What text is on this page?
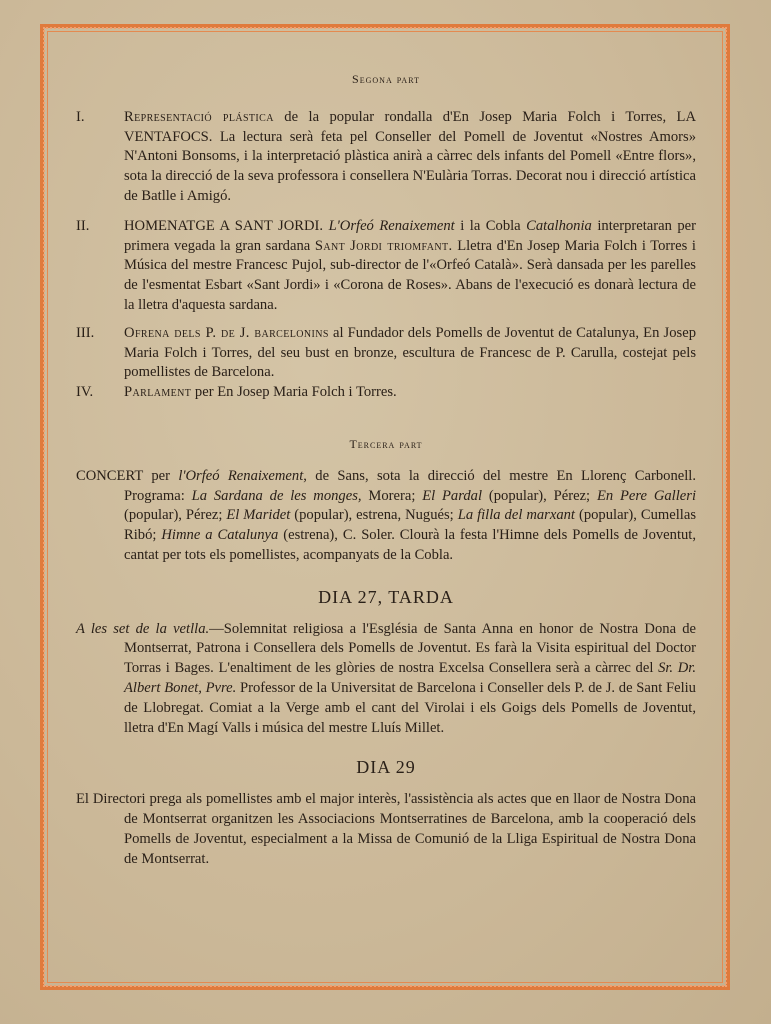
Segona part

I.	Representació plástica de la popular rondalla d'En Josep Maria Folch i Torres, LA VENTAFOCS. La lectura serà feta pel Conseller del Pomell de Joventut «Nostres Amors» N'Antoni Bonsoms, i la interpretació plàstica anirà a càrrec dels infants del Pomell «Entre flors», sota la direcció de la seva professora i consellera N'Eulària Torras. Decorat nou i direcció artística de Batlle i Amigó.
II.	HOMENATGE A SANT JORDI. L'Orfeó Renaixement i la Cobla Catalhonia interpretaran per primera vegada la gran sardana Sant Jordi triomfant. Lletra d'En Josep Maria Folch i Torres i Música del mestre Francesc Pujol, sub-director de l'«Orfeó Català». Serà dansada per les parelles de l'esmentat Esbart «Sant Jordi» i «Corona de Roses». Abans de l'execució es donarà lectura de la lletra d'aquesta sardana.
III.	Ofrena dels P. de J. barcelonins al Fundador dels Pomells de Joventut de Catalunya, En Josep Maria Folch i Torres, del seu bust en bronze, escultura de Francesc de P. Carulla, costejat pels pomellistes de Barcelona.
IV.	Parlament per En Josep Maria Folch i Torres.

Tercera part

CONCERT per l'Orfeó Renaixement, de Sans, sota la direcció del mestre En Llorenç Carbonell. Programa: La Sardana de les monges, Morera; El Pardal (popular), Pérez; En Pere Galleri (popular), Pérez; El Maridet (popular), estrena, Nugués; La filla del marxant (popular), Cumellas Ribó; Himne a Catalunya (estrena), C. Soler. Clourà la festa l'Himne dels Pomells de Joventut, cantat per tots els pomellistes, acompanyats de la Cobla.

DIA 27, TARDA

A les set de la vetlla.—Solemnitat religiosa a l'Església de Santa Anna en honor de Nostra Dona de Montserrat, Patrona i Consellera dels Pomells de Joventut. Es farà la Visita espiritual del Doctor Torras i Bages. L'enaltiment de les glòries de nostra Excelsa Consellera serà a càrrec del Sr. Dr. Albert Bonet, Pvre. Professor de la Universitat de Barcelona i Conseller dels P. de J. de Sant Feliu de Llobregat. Comiat a la Verge amb el cant del Virolai i els Goigs dels Pomells de Joventut, lletra d'En Magí Valls i música del mestre Lluís Millet.

DIA 29

El Directori prega als pomellistes amb el major interès, l'assistència als actes que en llaor de Nostra Dona de Montserrat organitzen les Associacions Montserratines de Barcelona, amb la cooperació dels Pomells de Joventut, especialment a la Missa de Comunió de la Lliga Espiritual de Nostra Dona de Montserrat.
